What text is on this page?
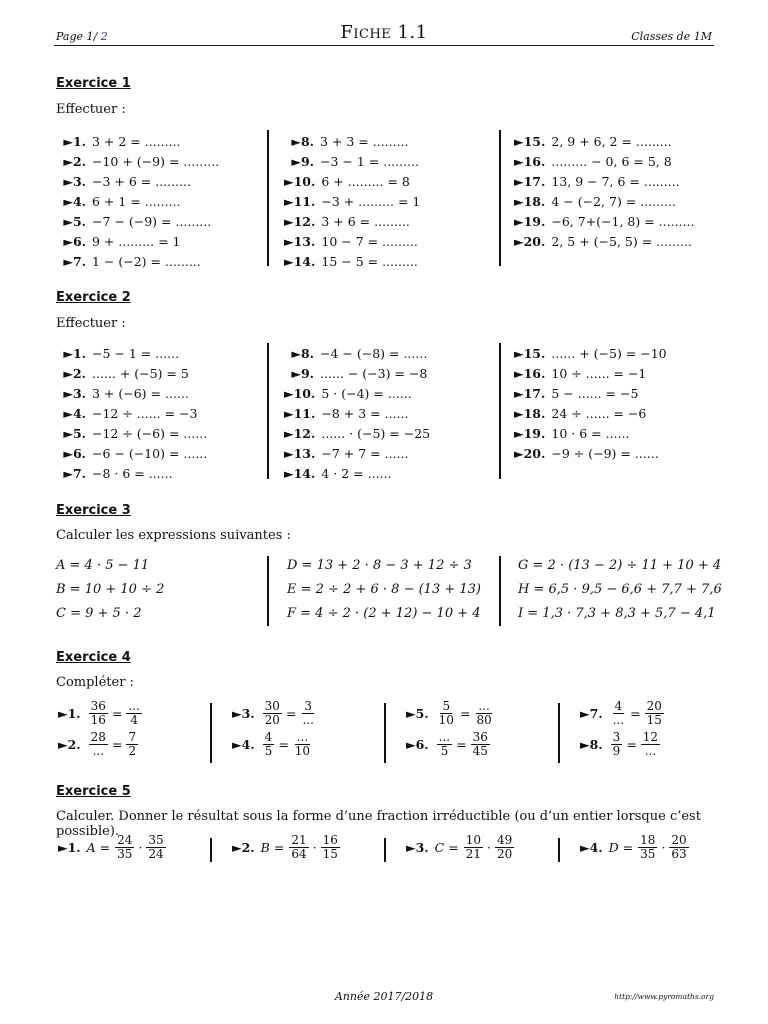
Page 1/ 2	Fiche 1.1	Classes de 1M
Exercice 1
Effectuer :
►1. 3 + 2 = .........
►2. −10 + (−9) = .........
►3. −3 + 6 = .........
►4. 6 + 1 = .........
►5. −7 − (−9) = .........
►6. 9 + ......... = 1
►7. 1 − (−2) = .........
►8. 3 + 3 = .........
►9. −3 − 1 = .........
►10. 6 + ......... = 8
►11. −3 + ......... = 1
►12. 3 + 6 = .........
►13. 10 − 7 = .........
►14. 15 − 5 = .........
►15. 2, 9 + 6, 2 = .........
►16. ......... − 0, 6 = 5, 8
►17. 13, 9 − 7, 6 = .........
►18. 4 − (−2, 7) = .........
►19. −6, 7+(−1, 8) = .........
►20. 2, 5 + (−5, 5) = .........
Exercice 2
Effectuer :
►1. −5 − 1 = ......
►2. ...... + (−5) = 5
►3. 3 + (−6) = ......
►4. −12 ÷ ...... = −3
►5. −12 ÷ (−6) = ......
►6. −6 − (−10) = ......
►7. −8 · 6 = ......
►8. −4 − (−8) = ......
►9. ...... − (−3) = −8
►10. 5 · (−4) = ......
►11. −8 + 3 = ......
►12. ...... · (−5) = −25
►13. −7 + 7 = ......
►14. 4 · 2 = ......
►15. ...... + (−5) = −10
►16. 10 ÷ ...... = −1
►17. 5 − ...... = −5
►18. 24 ÷ ...... = −6
►19. 10 · 6 = ......
►20. −9 ÷ (−9) = ......
Exercice 3
Calculer les expressions suivantes :
A = 4 · 5 − 11
B = 10 + 10 ÷ 2
C = 9 + 5 · 2
D = 13 + 2 · 8 − 3 + 12 ÷ 3
E = 2 ÷ 2 + 6 · 8 − (13 + 13)
F = 4 ÷ 2 · (2 + 12) − 10 + 4
G = 2 · (13 − 2) ÷ 11 + 10 + 4
H = 6,5 · 9,5 − 6,6 + 7,7 + 7,6
I = 1,3 · 7,3 + 8,3 + 5,7 − 4,1
Exercice 4
Compléter :
►1. $\frac{36}{16} = \frac{...}{4}$
►2. $\frac{28}{...} = \frac{7}{2}$
►3. $\frac{30}{20} = \frac{3}{...}$
►4. $\frac{4}{5} = \frac{...}{10}$
►5. $\frac{5}{10} = \frac{...}{80}$
►6. $\frac{...}{5} = \frac{36}{45}$
►7. $\frac{4}{...} = \frac{20}{15}$
►8. $\frac{3}{9} = \frac{12}{...}$
Exercice 5
Calculer. Donner le résultat sous la forme d’une fraction irréductible (ou d’un entier lorsque c’est possible).
►1. $A = \frac{24}{35} \cdot \frac{35}{24}$	►2. $B = \frac{21}{64} \cdot \frac{16}{15}$	►3. $C = \frac{10}{21} \cdot \frac{49}{20}$	►4. $D = \frac{18}{35} \cdot \frac{20}{63}$
Année 2017/2018	http://www.pyromaths.org
